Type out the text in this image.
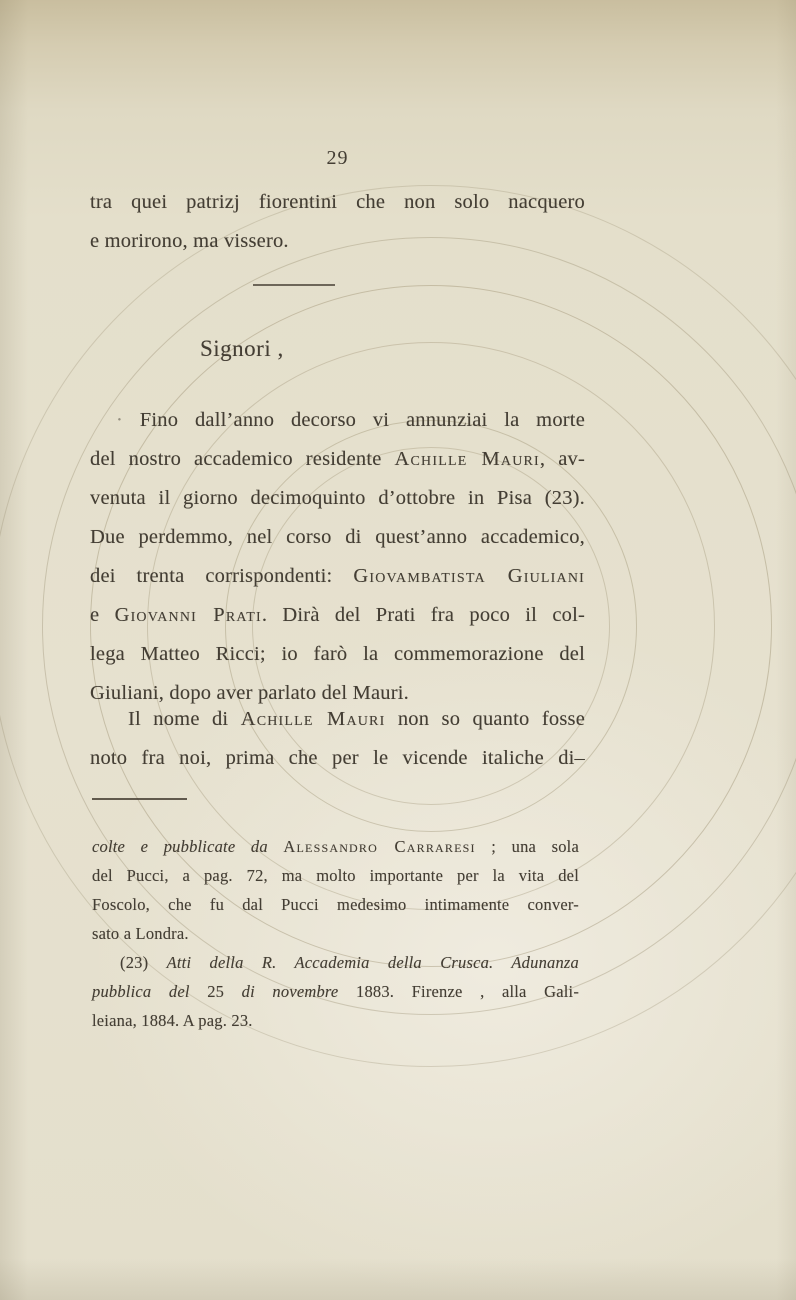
29
tra quei patrizj fiorentini che non solo nacquero
e morirono, ma vissero.
Signori ,
· Fino dall’anno decorso vi annunziai la morte
del nostro accademico residente Achille Mauri, av-
venuta il giorno decimoquinto d’ottobre in Pisa (23).
Due perdemmo, nel corso di quest’anno accademico,
dei trenta corrispondenti: Giovambatista Giuliani
e Giovanni Prati. Dirà del Prati fra poco il col-
lega Matteo Ricci; io farò la commemorazione del
Giuliani, dopo aver parlato del Mauri.
Il nome di Achille Mauri non so quanto fosse
noto fra noi, prima che per le vicende italiche di–
colte e pubblicate da Alessandro Carraresi ; una sola
del Pucci, a pag. 72, ma molto importante per la vita del
Foscolo, che fu dal Pucci medesimo intimamente conver-
sato a Londra.
(23) Atti della R. Accademia della Crusca. Adunanza
pubblica del 25 di novembre 1883. Firenze , alla Gali-
leiana, 1884. A pag. 23.
